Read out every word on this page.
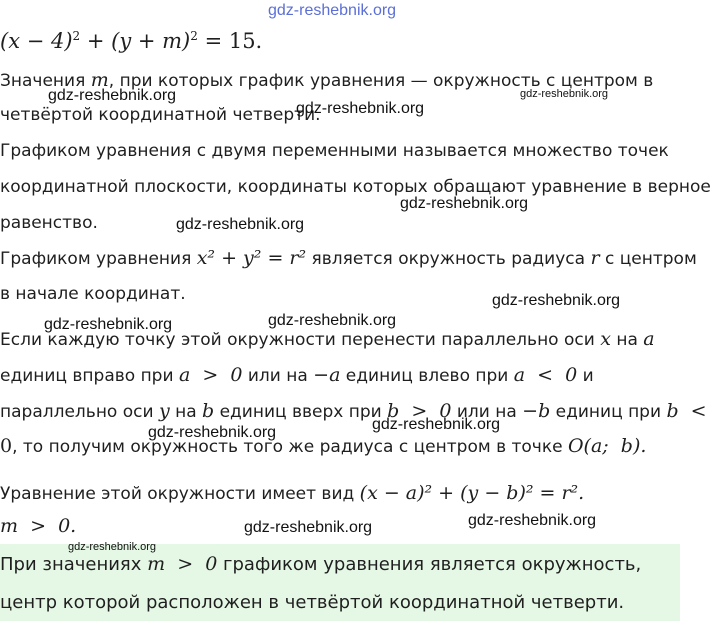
$(x - 4)^2 + (y + m)^2 = 15$.
Значения m, при которых график уравнения — окружность с центром в
четвёртой координатной четверти.
Графиком уравнения с двумя переменными называется множество точек
координатной плоскости, координаты которых обращают уравнение в верное
равенство.
Графиком уравнения x² + y² = r² является окружность радиуса r с центром
в начале координат.
Если каждую точку этой окружности перенести параллельно оси x на a
единиц вправо при a  >  0 или на −a единиц влево при a  <  0 и
параллельно оси y на b единиц вверх при b  >  0 или на −b единиц при b  <
0, то получим окружность того же радиуса с центром в точке O(a;  b).
Уравнение этой окружности имеет вид (x − a)² + (y − b)² = r².
m  >  0.
При значениях m  >  0 графиком уравнения является окружность,
центр которой расположен в четвёртой координатной четверти.
gdz-reshebnik.org
gdz-reshebnik.org
gdz-reshebnik.org
gdz-reshebnik.org
gdz-reshebnik.org
gdz-reshebnik.org
gdz-reshebnik.org
gdz-reshebnik.org	gdz-reshebnik.org
gdz-reshebnik.org	gdz-reshebnik.org
gdz-reshebnik.org	gdz-reshebnik.org
gdz-reshebnik.org
